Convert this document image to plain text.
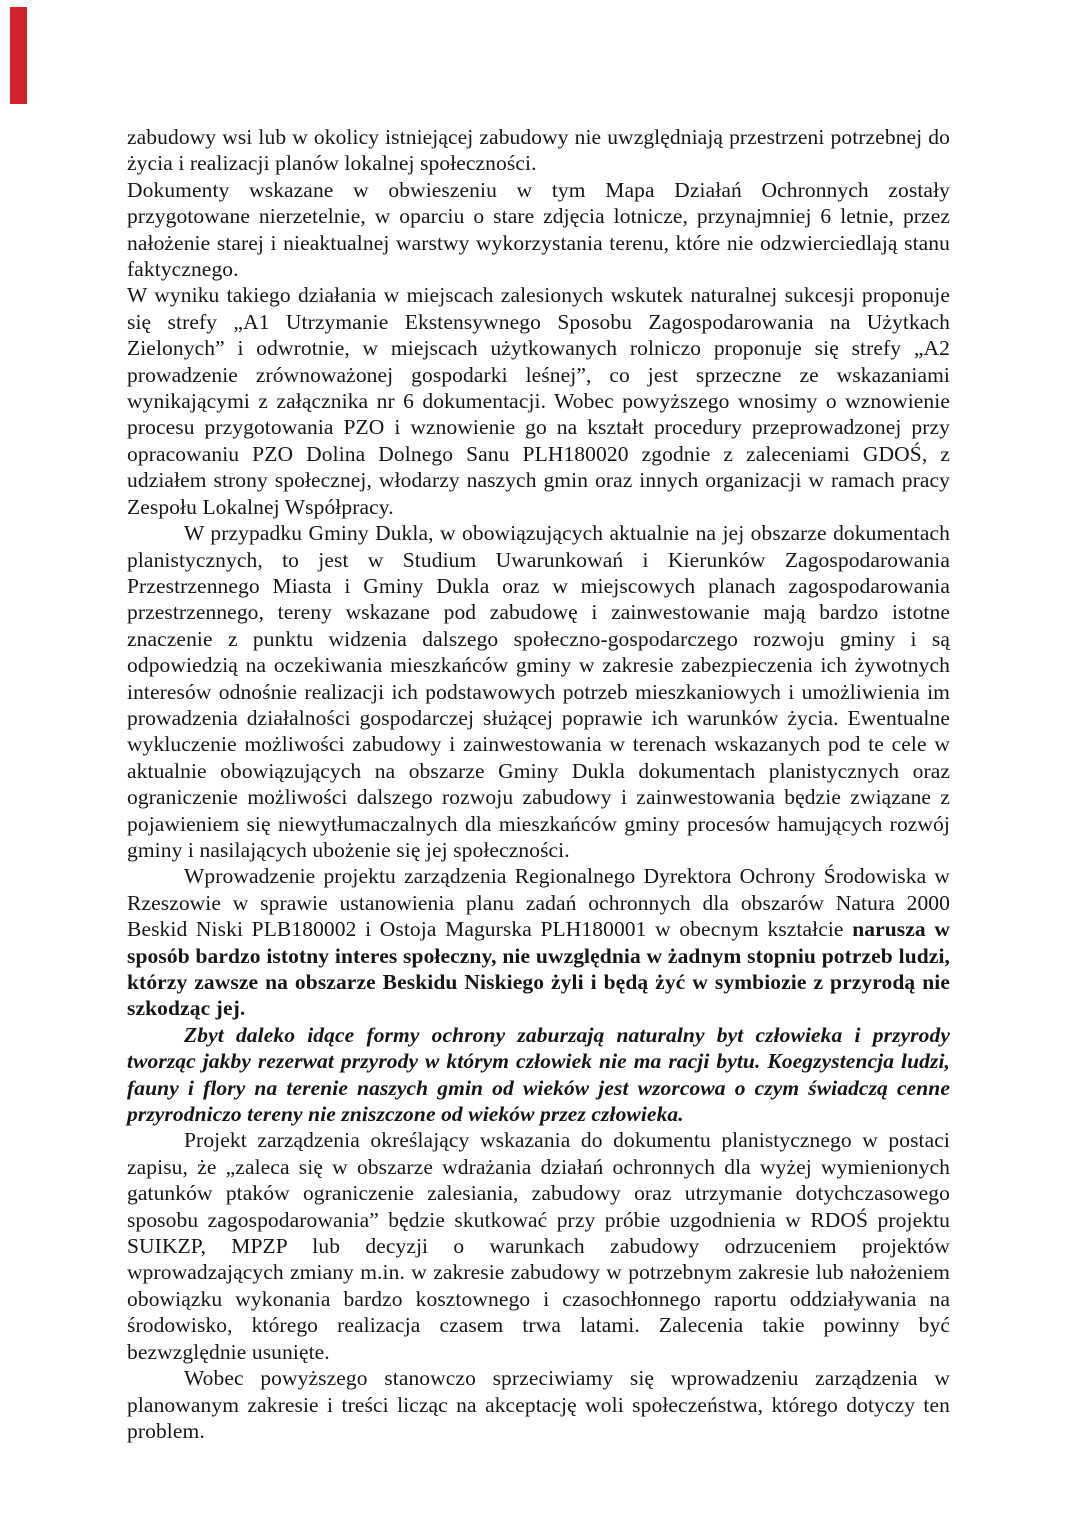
zabudowy wsi lub w okolicy istniejącej zabudowy nie uwzględniają przestrzeni potrzebnej do życia i realizacji planów lokalnej społeczności.

Dokumenty wskazane w obwieszeniu w tym Mapa Działań Ochronnych zostały przygotowane nierzetelnie, w oparciu o stare zdjęcia lotnicze, przynajmniej 6 letnie, przez nałożenie starej i nieaktualnej warstwy wykorzystania terenu, które nie odzwierciedlają stanu faktycznego.

W wyniku takiego działania w miejscach zalesionych wskutek naturalnej sukcesji proponuje się strefy „A1 Utrzymanie Ekstensywnego Sposobu Zagospodarowania na Użytkach Zielonych” i odwrotnie, w miejscach użytkowanych rolniczo proponuje się strefy „A2 prowadzenie zrównoważonej gospodarki leśnej”, co jest sprzeczne ze wskazaniami wynikającymi z załącznika nr 6 dokumentacji. Wobec powyższego wnosimy o wznowienie procesu przygotowania PZO i wznowienie go na kształt procedury przeprowadzonej przy opracowaniu PZO Dolina Dolnego Sanu PLH180020 zgodnie z zaleceniami GDOŚ, z udziałem strony społecznej, włodarzy naszych gmin oraz innych organizacji w ramach pracy Zespołu Lokalnej Współpracy.

W przypadku Gminy Dukla, w obowiązujących aktualnie na jej obszarze dokumentach planistycznych, to jest w Studium Uwarunkowań i Kierunków Zagospodarowania Przestrzennego Miasta i Gminy Dukla oraz w miejscowych planach zagospodarowania przestrzennego, tereny wskazane pod zabudowę i zainwestowanie mają bardzo istotne znaczenie z punktu widzenia dalszego społeczno-gospodarczego rozwoju gminy i są odpowiedzią na oczekiwania mieszkańców gminy w zakresie zabezpieczenia ich żywotnych interesów odnośnie realizacji ich podstawowych potrzeb mieszkaniowych i umożliwienia im prowadzenia działalności gospodarczej służącej poprawie ich warunków życia. Ewentualne wykluczenie możliwości zabudowy i zainwestowania w terenach wskazanych pod te cele w aktualnie obowiązujących na obszarze Gminy Dukla dokumentach planistycznych oraz ograniczenie możliwości dalszego rozwoju zabudowy i zainwestowania będzie związane z pojawieniem się niewytłumaczalnych dla mieszkańców gminy procesów hamujących rozwój gminy i nasilających ubożenie się jej społeczności.

Wprowadzenie projektu zarządzenia Regionalnego Dyrektora Ochrony Środowiska w Rzeszowie w sprawie ustanowienia planu zadań ochronnych dla obszarów Natura 2000 Beskid Niski PLB180002 i Ostoja Magurska PLH180001 w obecnym kształcie narusza w sposób bardzo istotny interes społeczny, nie uwzględnia w żadnym stopniu potrzeb ludzi, którzy zawsze na obszarze Beskidu Niskiego żyli i będą żyć w symbiozie z przyrodą nie szkodząc jej.

Zbyt daleko idące formy ochrony zaburzają naturalny byt człowieka i przyrody tworząc jakby rezerwat przyrody w którym człowiek nie ma racji bytu. Koegzystencja ludzi, fauny i flory na terenie naszych gmin od wieków jest wzorcowa o czym świadczą cenne przyrodniczo tereny nie zniszczone od wieków przez człowieka.

Projekt zarządzenia określający wskazania do dokumentu planistycznego w postaci zapisu, że „zaleca się w obszarze wdrażania działań ochronnych dla wyżej wymienionych gatunków ptaków ograniczenie zalesiania, zabudowy oraz utrzymanie dotychczasowego sposobu zagospodarowania” będzie skutkować przy próbie uzgodnienia w RDOŚ projektu SUIKZP, MPZP lub decyzji o warunkach zabudowy odrzuceniem projektów wprowadzających zmiany m.in. w zakresie zabudowy w potrzebnym zakresie lub nałożeniem obowiązku wykonania bardzo kosztownego i czasochłonnego raportu oddziaływania na środowisko, którego realizacja czasem trwa latami. Zalecenia takie powinny być bezwzględnie usunięte.

Wobec powyższego stanowczo sprzeciwiamy się wprowadzeniu zarządzenia w planowanym zakresie i treści licząc na akceptację woli społeczeństwa, którego dotyczy ten problem.
